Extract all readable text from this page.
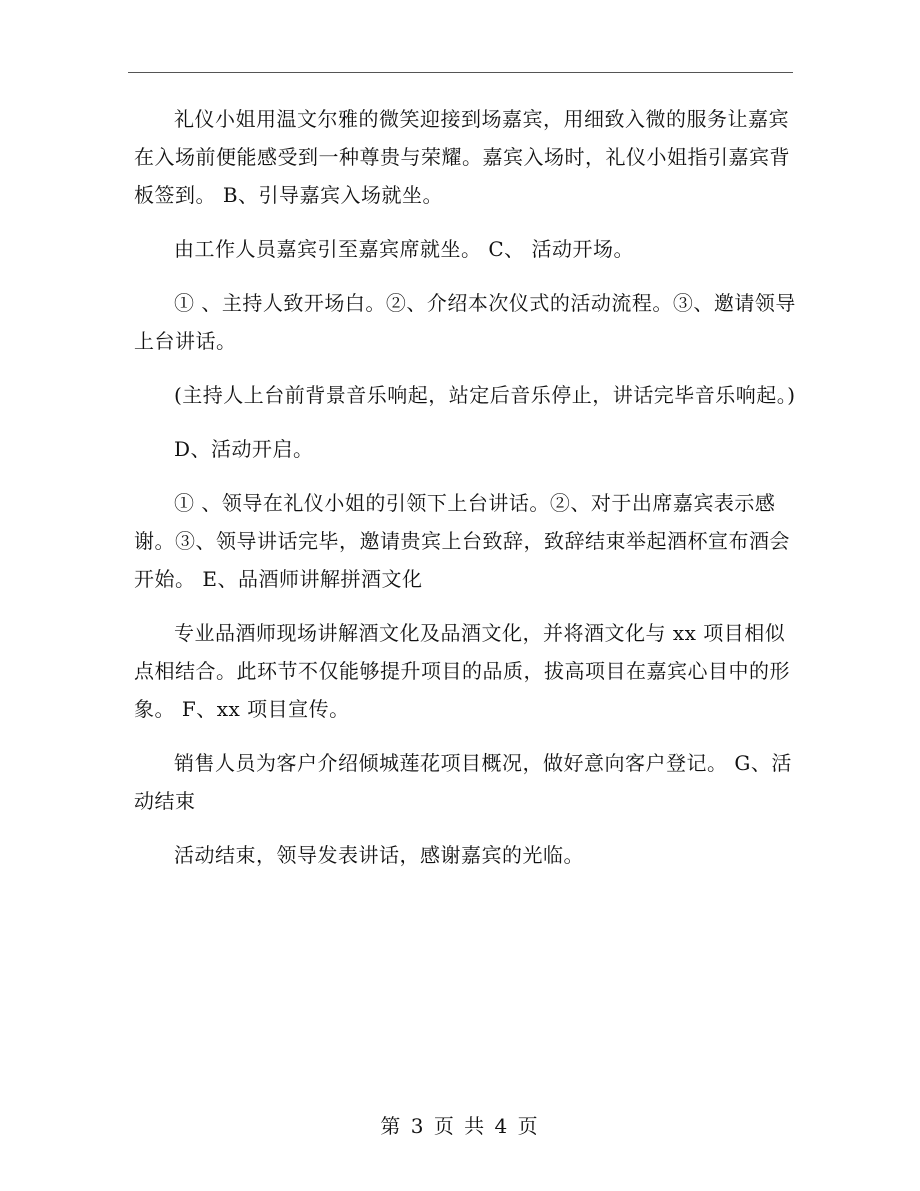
礼仪小姐用温文尔雅的微笑迎接到场嘉宾，用细致入微的服务让嘉宾在入场前便能感受到一种尊贵与荣耀。嘉宾入场时，礼仪小姐指引嘉宾背板签到。 B、引导嘉宾入场就坐。

由工作人员嘉宾引至嘉宾席就坐。 C、 活动开场。

① 、主持人致开场白。②、介绍本次仪式的活动流程。③、邀请领导上台讲话。

(主持人上台前背景音乐响起，站定后音乐停止，讲话完毕音乐响起。)

D、活动开启。

① 、领导在礼仪小姐的引领下上台讲话。②、对于出席嘉宾表示感谢。③、领导讲话完毕，邀请贵宾上台致辞，致辞结束举起酒杯宣布酒会开始。 E、品酒师讲解拼酒文化

专业品酒师现场讲解酒文化及品酒文化，并将酒文化与 xx 项目相似点相结合。此环节不仅能够提升项目的品质，拔高项目在嘉宾心目中的形象。 F、xx 项目宣传。

销售人员为客户介绍倾城莲花项目概况，做好意向客户登记。 G、活动结束

活动结束，领导发表讲话，感谢嘉宾的光临。

第 3 页 共 4 页
